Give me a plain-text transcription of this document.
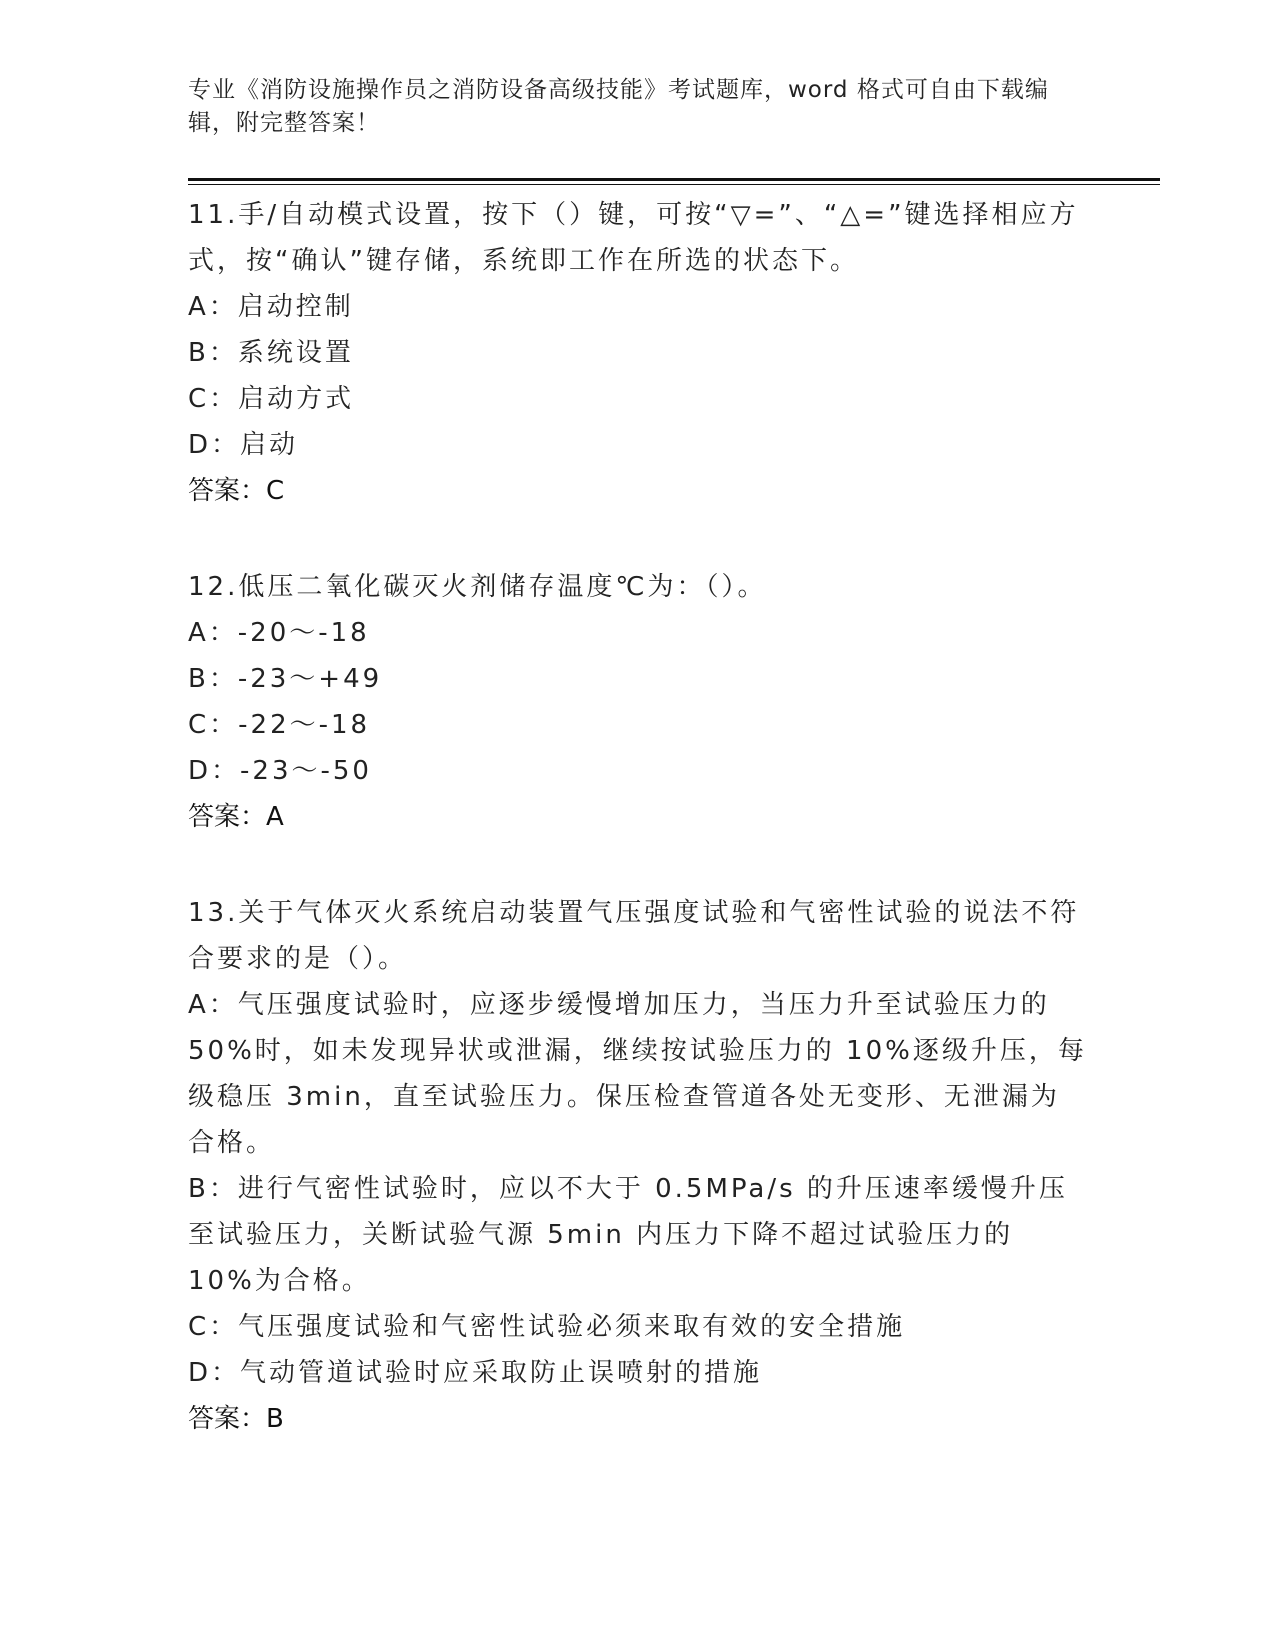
专业《消防设施操作员之消防设备高级技能》考试题库，word 格式可自由下载编
辑，附完整答案！

11.手/自动模式设置，按下（）键，可按“▽=”、“△=”键选择相应方式，按“确认”键存储，系统即工作在所选的状态下。

A：启动控制

B：系统设置

C：启动方式

D：启动

答案：C

12.低压二氧化碳灭火剂储存温度℃为：（）。

A：-20～-18

B：-23～+49

C：-22～-18

D：-23～-50

答案：A

13.关于气体灭火系统启动装置气压强度试验和气密性试验的说法不符合要求的是（）。

A：气压强度试验时，应逐步缓慢增加压力，当压力升至试验压力的50%时，如未发现异状或泄漏，继续按试验压力的 10%逐级升压，每级稳压 3min，直至试验压力。保压检查管道各处无变形、无泄漏为合格。

B：进行气密性试验时，应以不大于 0.5MPa/s 的升压速率缓慢升压至试验压力，关断试验气源 5min 内压力下降不超过试验压力的 10%为合格。

C：气压强度试验和气密性试验必须来取有效的安全措施

D：气动管道试验时应采取防止误喷射的措施

答案：B
